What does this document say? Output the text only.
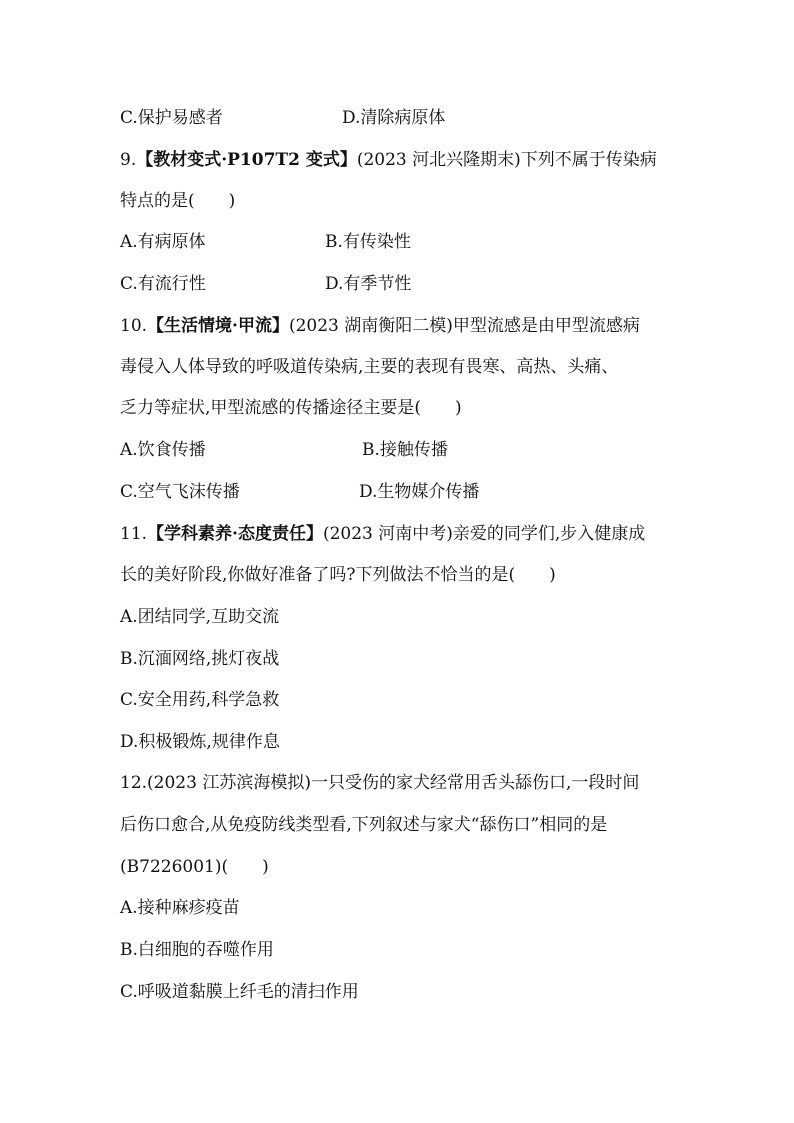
C.保护易感者	D.清除病原体
9.【教材变式·P107T2 变式】(2023 河北兴隆期末)下列不属于传染病
特点的是(　　)
A.有病原体	B.有传染性
C.有流行性	D.有季节性
10.【生活情境·甲流】(2023 湖南衡阳二模)甲型流感是由甲型流感病
毒侵入人体导致的呼吸道传染病,主要的表现有畏寒、高热、头痛、
乏力等症状,甲型流感的传播途径主要是(　　)
A.饮食传播	B.接触传播
C.空气飞沫传播	D.生物媒介传播
11.【学科素养·态度责任】(2023 河南中考)亲爱的同学们,步入健康成
长的美好阶段,你做好准备了吗?下列做法不恰当的是(　　)
A.团结同学,互助交流
B.沉湎网络,挑灯夜战
C.安全用药,科学急救
D.积极锻炼,规律作息
12.(2023 江苏滨海模拟)一只受伤的家犬经常用舌头舔伤口,一段时间
后伤口愈合,从免疫防线类型看,下列叙述与家犬“舔伤口”相同的是
(B7226001)(　　)
A.接种麻疹疫苗
B.白细胞的吞噬作用
C.呼吸道黏膜上纤毛的清扫作用
